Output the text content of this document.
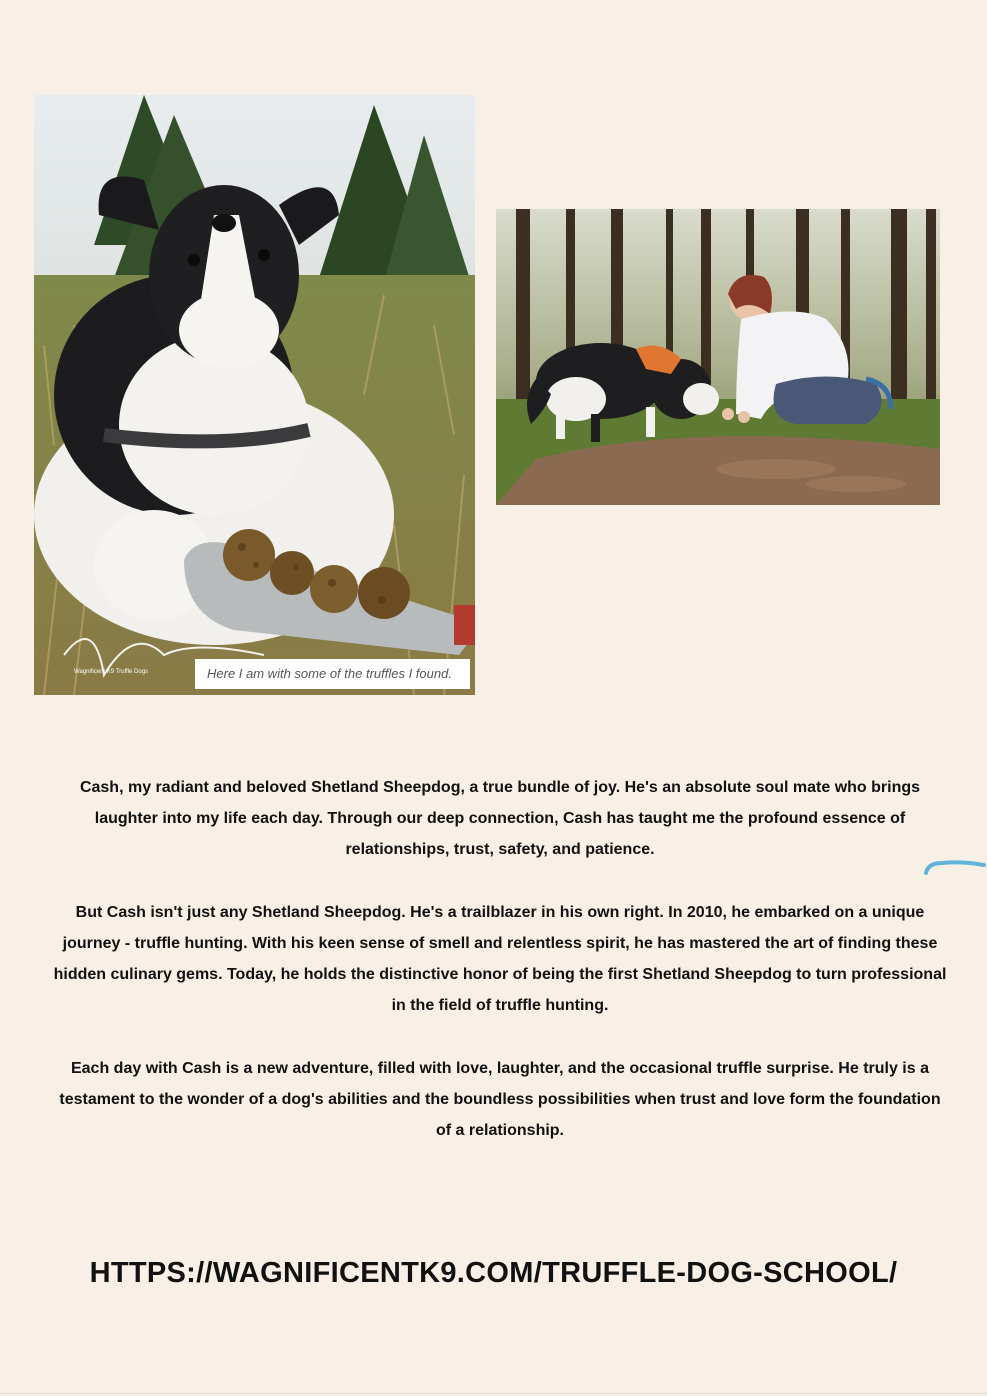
Wagnificent K9 Truffle Dogs	Here I am with some of the truffles I found.
Cash, my radiant and beloved Shetland Sheepdog, a true bundle of joy. He's an absolute soul mate who brings laughter into my life each day. Through our deep connection, Cash has taught me the profound essence of relationships, trust, safety, and patience.
But Cash isn't just any Shetland Sheepdog. He's a trailblazer in his own right. In 2010, he embarked on a unique journey - truffle hunting. With his keen sense of smell and relentless spirit, he has mastered the art of finding these hidden culinary gems. Today, he holds the distinctive honor of being the first Shetland Sheepdog to turn professional in the field of truffle hunting.
Each day with Cash is a new adventure, filled with love, laughter, and the occasional truffle surprise. He truly is a testament to the wonder of a dog's abilities and the boundless possibilities when trust and love form the foundation of a relationship.
HTTPS://WAGNIFICENTK9.COM/TRUFFLE-DOG-SCHOOL/
